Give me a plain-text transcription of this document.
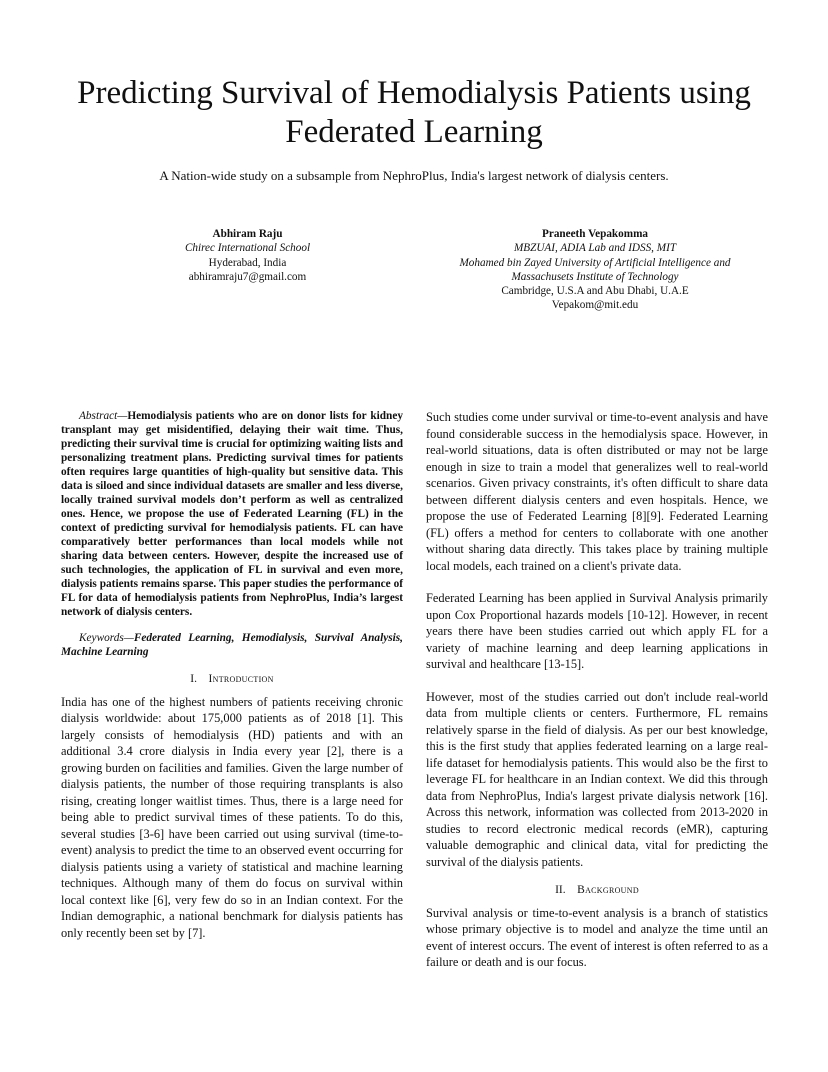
Predicting Survival of Hemodialysis Patients using Federated Learning
A Nation-wide study on a subsample from NephroPlus, India's largest network of dialysis centers.
Abhiram Raju
Chirec International School
Hyderabad, India
abhiramraju7@gmail.com
Praneeth Vepakomma
MBZUAI, ADIA Lab and IDSS, MIT
Mohamed bin Zayed University of Artificial Intelligence and
Massachusets Institute of Technology
Cambridge, U.S.A and Abu Dhabi, U.A.E
Vepakom@mit.edu

Abstract—Hemodialysis patients who are on donor lists for kidney transplant may get misidentified, delaying their wait time. Thus, predicting their survival time is crucial for optimizing waiting lists and personalizing treatment plans. Predicting survival times for patients often requires large quantities of high-quality but sensitive data. This data is siloed and since individual datasets are smaller and less diverse, locally trained survival models don’t perform as well as centralized ones. Hence, we propose the use of Federated Learning (FL) in the context of predicting survival for hemodialysis patients. FL can have comparatively better performances than local models while not sharing data between centers. However, despite the increased use of such technologies, the application of FL in survival and even more, dialysis patients remains sparse. This paper studies the performance of FL for data of hemodialysis patients from NephroPlus, India’s largest network of dialysis centers.

Keywords—Federated Learning, Hemodialysis, Survival Analysis, Machine Learning

I. Introduction

India has one of the highest numbers of patients receiving chronic dialysis worldwide: about 175,000 patients as of 2018 [1]. This largely consists of hemodialysis (HD) patients and with an additional 3.4 crore dialysis in India every year [2], there is a growing burden on facilities and families. Given the large number of dialysis patients, the number of those requiring transplants is also rising, creating longer waitlist times. Thus, there is a large need for being able to predict survival times of these patients. To do this, several studies [3-6] have been carried out using survival (time-to-event) analysis to predict the time to an observed event occurring for dialysis patients using a variety of statistical and machine learning techniques. Although many of them do focus on survival within local context like [6], very few do so in an Indian context. For the Indian demographic, a national benchmark for dialysis patients has only recently been set by [7].

Such studies come under survival or time-to-event analysis and have found considerable success in the hemodialysis space. However, in real-world situations, data is often distributed or may not be large enough in size to train a model that generalizes well to real-world scenarios. Given privacy constraints, it's often difficult to share data between different dialysis centers and even hospitals. Hence, we propose the use of Federated Learning [8][9]. Federated Learning (FL) offers a method for centers to collaborate with one another without sharing data directly. This takes place by training multiple local models, each trained on a client's private data.

Federated Learning has been applied in Survival Analysis primarily upon Cox Proportional hazards models [10-12]. However, in recent years there have been studies carried out which apply FL for a variety of machine learning and deep learning applications in survival and healthcare [13-15].

However, most of the studies carried out don't include real-world data from multiple clients or centers. Furthermore, FL remains relatively sparse in the field of dialysis. As per our best knowledge, this is the first study that applies federated learning on a large real-life dataset for hemodialysis patients. This would also be the first to leverage FL for healthcare in an Indian context. We did this through data from NephroPlus, India's largest private dialysis network [16]. Across this network, information was collected from 2013-2020 in studies to record electronic medical records (eMR), capturing valuable demographic and clinical data, vital for predicting the survival of the dialysis patients.

II. Background

Survival analysis or time-to-event analysis is a branch of statistics whose primary objective is to model and analyze the time until an event of interest occurs. The event of interest is often referred to as a failure or death and is our focus.
